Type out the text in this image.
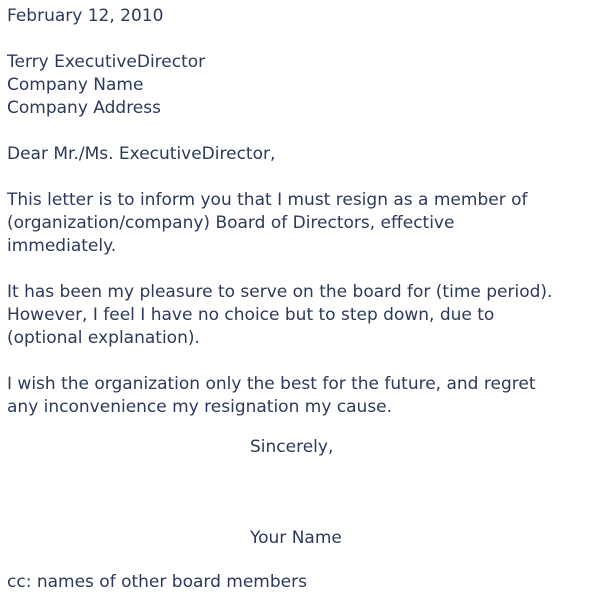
February 12, 2010
Terry ExecutiveDirector
Company Name
Company Address
Dear Mr./Ms. ExecutiveDirector,
This letter is to inform you that I must resign as a member of
(organization/company) Board of Directors, effective
immediately.
It has been my pleasure to serve on the board for (time period).
However, I feel I have no choice but to step down, due to
(optional explanation).
I wish the organization only the best for the future, and regret
any inconvenience my resignation my cause.
Sincerely,
Your Name
cc: names of other board members
